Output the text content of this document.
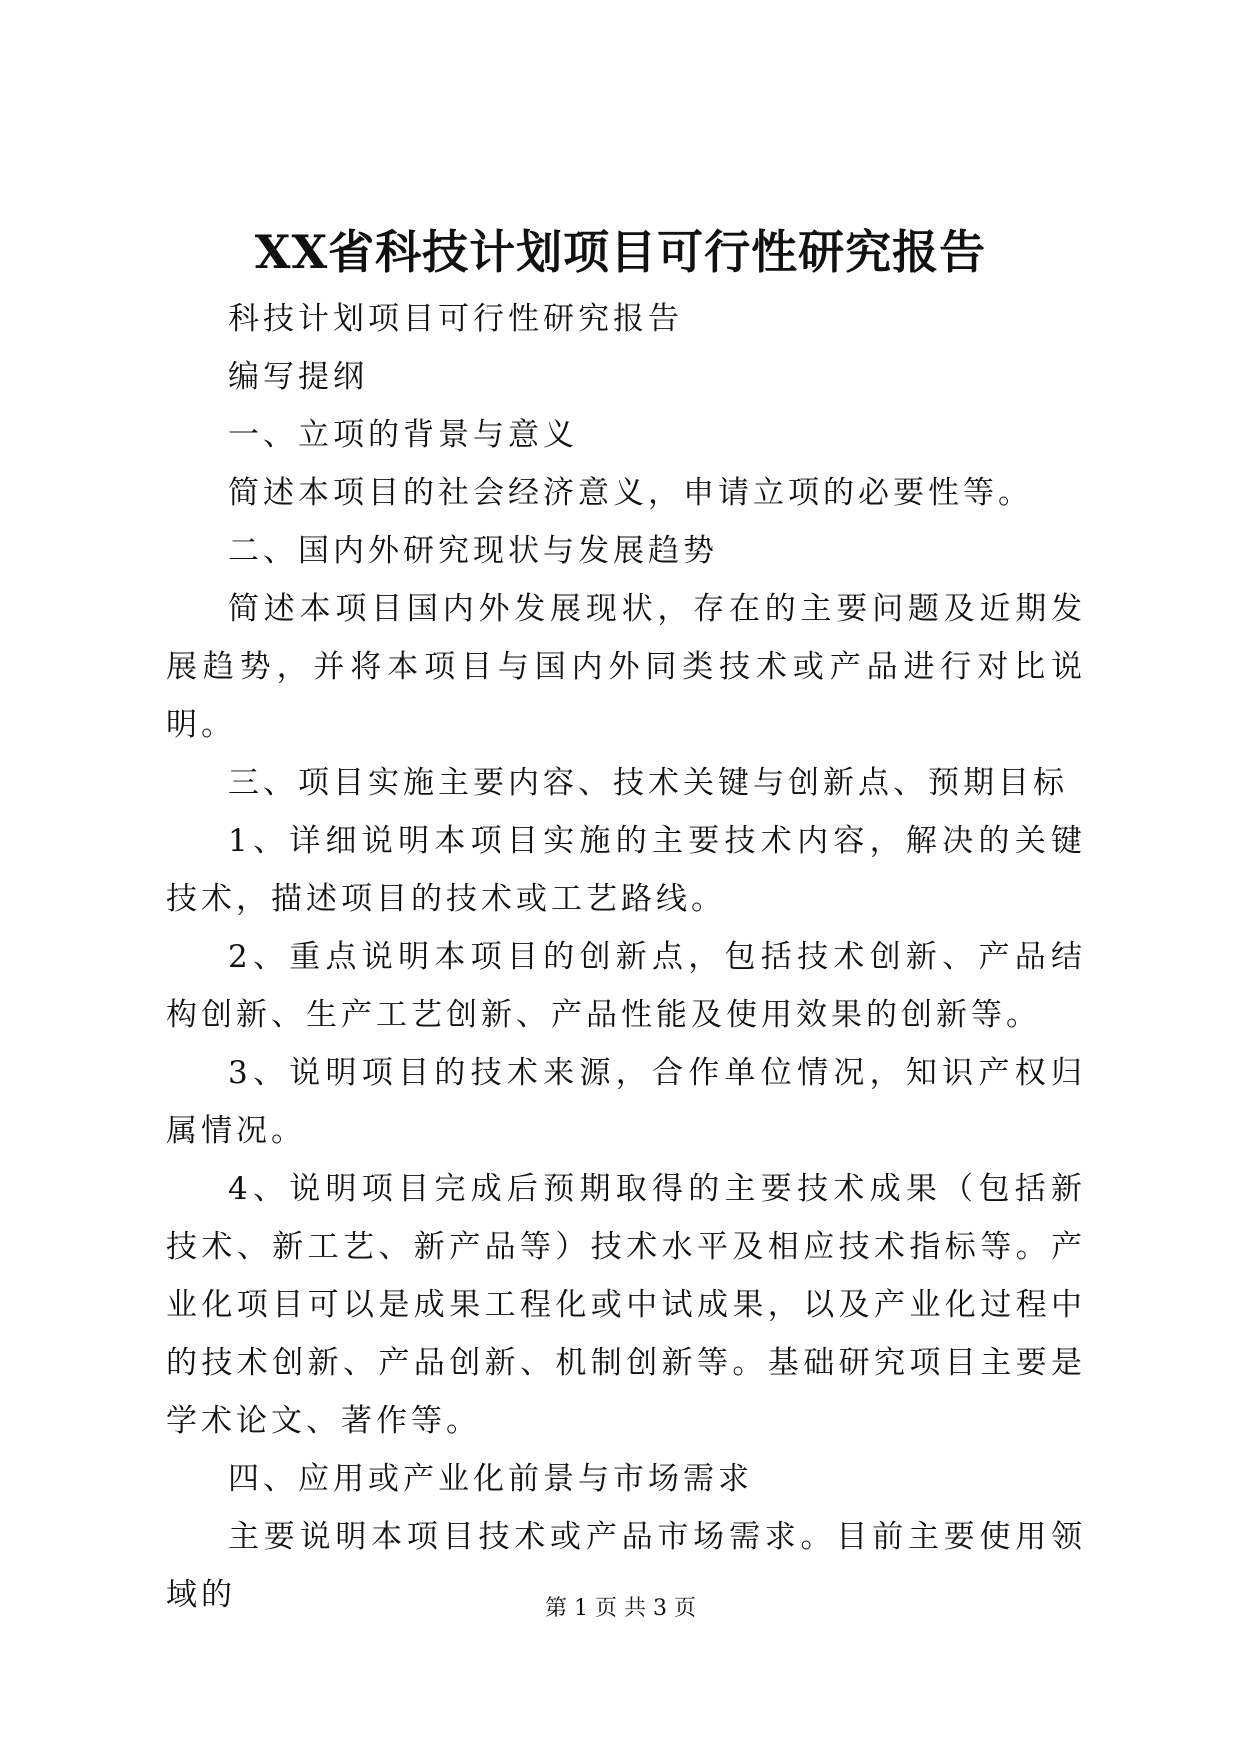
XX省科技计划项目可行性研究报告

科技计划项目可行性研究报告

编写提纲

一、立项的背景与意义

简述本项目的社会经济意义，申请立项的必要性等。

二、国内外研究现状与发展趋势

简述本项目国内外发展现状，存在的主要问题及近期发展趋势，并将本项目与国内外同类技术或产品进行对比说明。

三、项目实施主要内容、技术关键与创新点、预期目标

1、详细说明本项目实施的主要技术内容，解决的关键技术，描述项目的技术或工艺路线。

2、重点说明本项目的创新点，包括技术创新、产品结构创新、生产工艺创新、产品性能及使用效果的创新等。

3、说明项目的技术来源，合作单位情况，知识产权归属情况。

4、说明项目完成后预期取得的主要技术成果（包括新技术、新工艺、新产品等）技术水平及相应技术指标等。产业化项目可以是成果工程化或中试成果，以及产业化过程中的技术创新、产品创新、机制创新等。基础研究项目主要是学术论文、著作等。

四、应用或产业化前景与市场需求

主要说明本项目技术或产品市场需求。目前主要使用领域的	第 1 页 共 3 页
